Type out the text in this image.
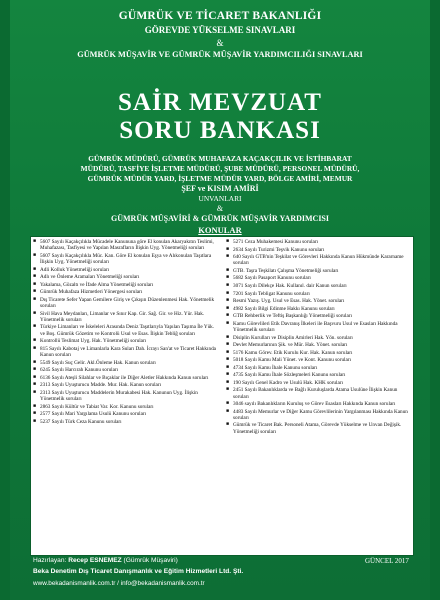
GÜMRÜK VE TİCARET BAKANLIĞI
GÖREVDE YÜKSELME SINAVLARI
&
GÜMRÜK MÜŞAVİR VE GÜMRÜK MÜŞAVİR YARDIMCILIĞI SINAVLARI
SAİR MEVZUAT
SORU BANKASI
GÜMRÜK MÜDÜRÜ, GÜMRÜK MUHAFAZA KAÇAKÇILIK VE İSTİHBARAT
MÜDÜRÜ, TASFİYE İŞLETME MÜDÜRÜ, ŞUBE MÜDÜRÜ, PERSONEL MÜDÜRÜ,
GÜMRÜK MÜDÜR YARD, İŞLETME MÜDÜR YARD, BÖLGE AMİRİ, MEMUR
ŞEF ve KISIM AMİRİ
UNVANLARI
&
GÜMRÜK MÜŞAVİRİ & GÜMRÜK MÜŞAVİR YARDIMCISI
KONULAR
■ 5607 Sayılı Kaçakçılıkla Mücadele Kanununa göre El konulan Akaryakıtın Teslimi, Muhafazası, Tasfiyesi ve Yapılan Masrafların İlişkin Uyg. Yönetmeliği soruları
■ 5607 Sayılı Kaçakçılıkla Müc. Kan. Göre El konulan Eşya ve Alıkonulan Taşıtlara İlişkin Uyg. Yönetmeliği soruları
■ Adli Kolluk Yönetmeliği soruları
■ Adlı ve Önleme Aramaları Yönetmeliği soruları
■ Yakalama, Gözaltı ve İfade Alma Yönetmeliği soruları
■ Gümrük Muhafaza Hizmetleri Yönergesi soruları
■ Dış Ticarete Sefer Yapan Gemilere Giriş ve Çıkışın Düzenlenmesi Hak. Yönetmelik soruları
■ Sivil Hava Meydanları, Limanlar ve Sınır Kap. Gir. Sağ. Gir. ve Hiz. Yür. Hak. Yönetmelik soruları
■ Türkiye Limanları ve İskeleleri Arasında Deniz Taşıtlarıyla Yapılan Taşıma İle Yük. ve Boş. Gümrük Gözetim ve Kontrolü Usul ve Esas. İlişkin Tebliğ soruları
■ Kontrollü Teslimat Uyg. Hak. Yönetmeliği soruları
■ 815 Sayılı Kabotaj ve Limanlarla Kara Suları Dah. İcrayı San'at ve Ticaret Hakkında Kanun soruları
■ 5549 Sayılı Suç Gelir. Akl.Önleme Hak. Kanun soruları
■ 6245 Sayılı Harcırah Kanunu soruları
■ 6136 Sayılı Ateşli Silahlar ve Bıçaklar ile Diğer Aletler Hakkında Kanun soruları
■ 2313 Sayılı Uyuşturucu Madde. Mur. Hak. Kanun soruları
■ 2313 Sayılı Uyuşturucu Maddelerin Murakabesi Hak. Kanunun Uyg. İlişkin Yönetmelik soruları
■ 2863 Sayılı Kültür ve Tabiat Var. Kor. Kanunu soruları
■ 2577 Sayılı Mari Yargılama Usulü Kanunu soruları
■ 5237 Sayılı Türk Ceza Kanunu soruları
■ 5271 Ceza Muhakemesi Kanunu soruları
■ 2634 Sayılı Turizmi Teşvik Kanunu soruları
■ 640 Sayılı GTB'nin Teşkilat ve Görevleri Hakkında Kanun Hükmünde Kararname soruları
■ GTB. Taşra Teşkilatı Çalışma Yönetmeliği soruları
■ 5682 Sayılı Pasaport Kanunu soruları
■ 3071 Sayılı Dilekçe Hak. Kullanıl. dair Kanun soruları
■ 7201 Sayılı Tebligat Kanunu soruları
■ Resmi Yazış. Uyg. Usul ve Esas. Hak. Yönet. soruları
■ 4982 Sayılı Bilgi Edinme Hakkı Kanunu soruları
■ GTB Rehberlik ve Teftiş Başkanlığı Yönetmeliği soruları
■ Kamu Görevlileri Etik Davranış İlkeleri ile Başvuru Usul ve Esasları Hakkında Yönetmelik soruları
■ Disiplin Kurulları ve Disiplin Amirleri Hak. Yön. soruları
■ Devlet Memurlarının Şik. ve Mür. Hak. Yönet. soruları
■ 5176 Kamu Görev. Etik Kurulu Kur. Hak. Kanun soruları
■ 5018 Sayılı Kamu Mali Yönet. ve Kont. Kanunu soruları
■ 4734 Sayılı Kamu İhale Kanunu soruları
■ 4735 Sayılı Kamu İhale Sözleşmeleri Kanunu soruları
■ 190 Sayılı Genel Kadro ve Usulü Hak. KHK soruları
■ 2451 Sayılı Bakanlıklarda ve Bağlı Kuruluşlarda Atama Usulüne İlişkin Kanun soruları
■ 3046 sayılı Bakanlıkların Kuruluş ve Görev Esasları Hakkında Kanun soruları
■ 4483 Sayılı Memurlar ve Diğer Kamu Görevlilerinin Yargılanması Hakkında Kanun soruları
■ Gümrük ve Ticaret Bak. Personeli Atama, Görevde Yükselme ve Unvan Değişik. Yönetmeliği soruları
Hazırlayan: Recep ESNEMEZ (Gümrük Müşaviri)
Beka Denetim Dış Ticaret Danışmanlık ve Eğitim Hizmetleri Ltd. Şti.
www.bekadanismanlik.com.tr / info@bekadanismanlik.com.tr
GÜNCEL 2017
